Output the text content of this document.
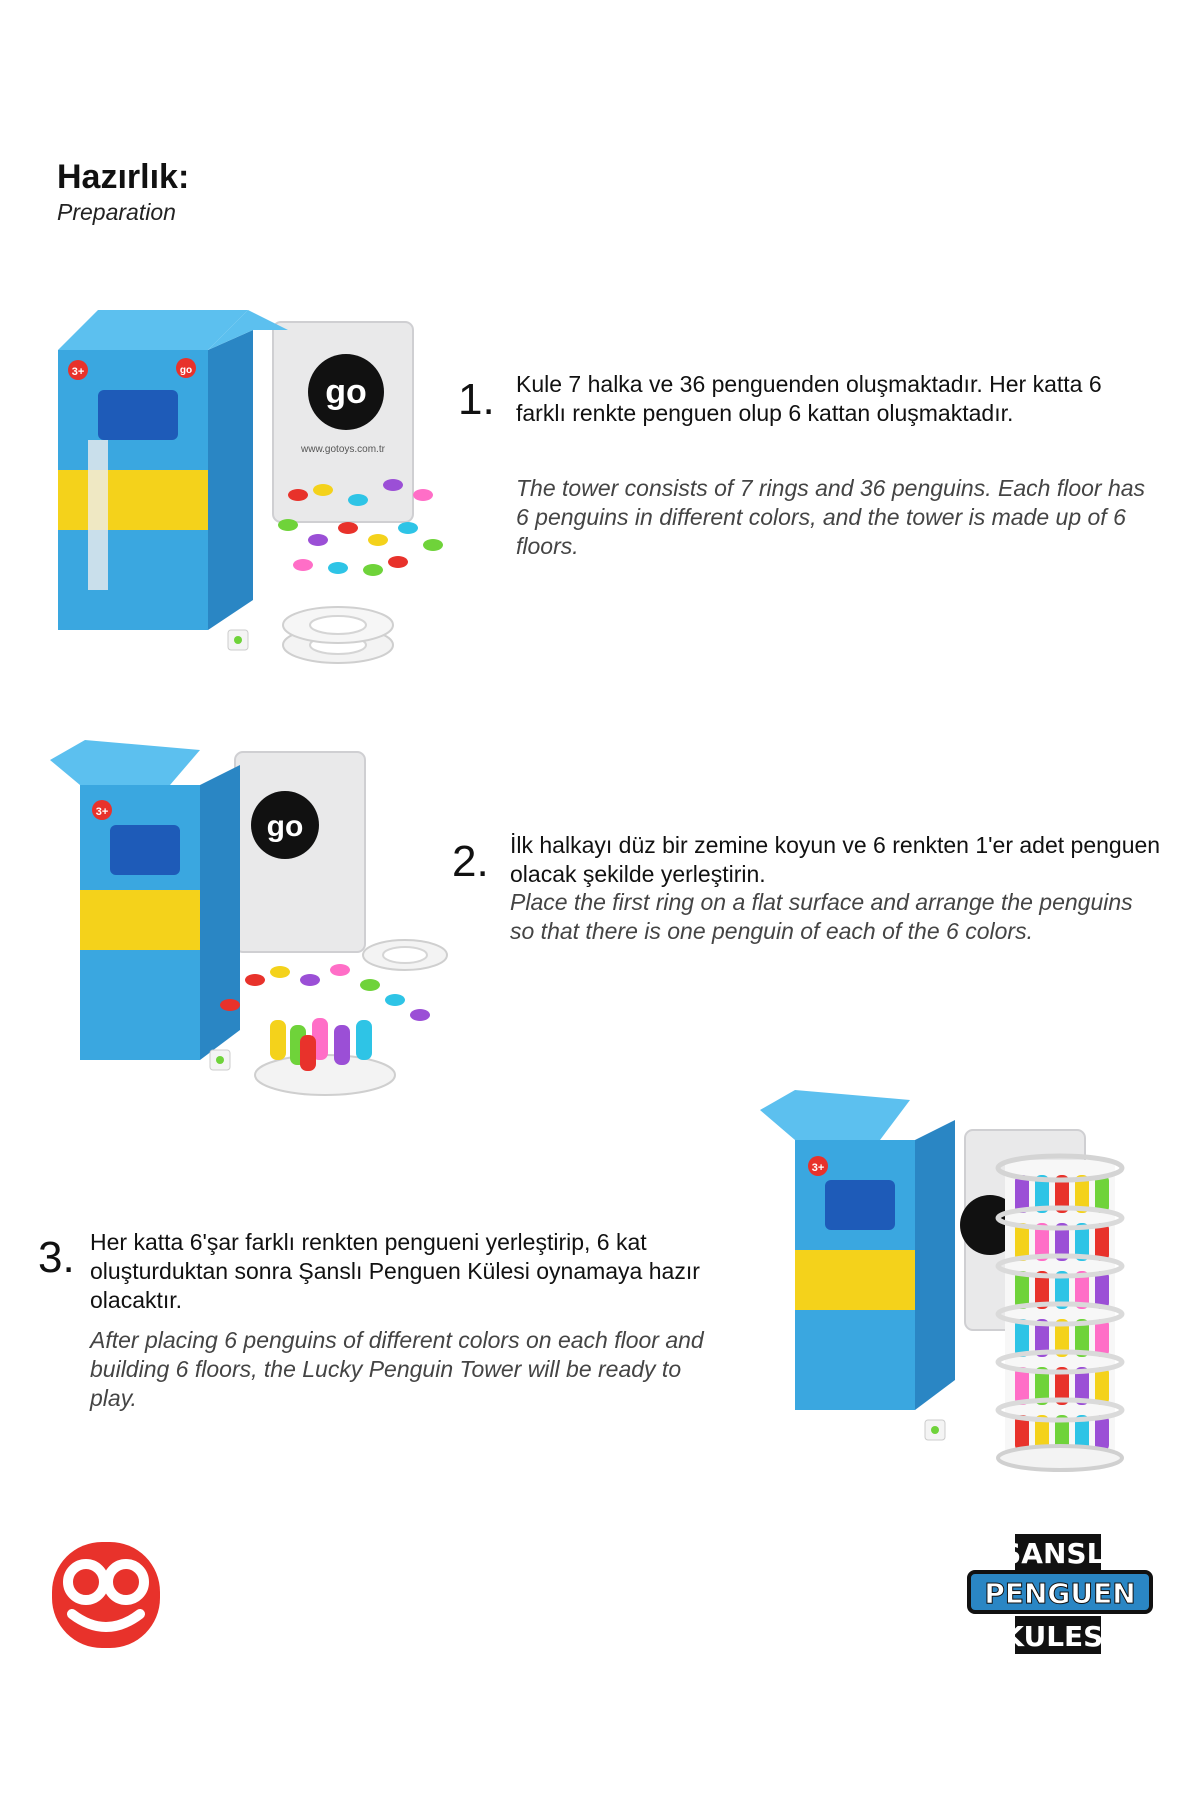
Hazırlık:
Preparation
go
www.gotoys.com.tr
3+	go
1. Kule 7 halka ve 36 penguenden oluşmaktadır. Her katta 6 farklı renkte penguen olup 6 kattan oluşmaktadır.
The tower consists of 7 rings and 36 penguins. Each floor has 6 penguins in different colors, and the tower is made up of 6 floors.
go
3+
2. İlk halkayı düz bir zemine koyun ve 6 renkten 1'er adet penguen olacak şekilde yerleştirin.
Place the first ring on a flat surface and arrange the penguins so that there is one penguin of each of the 6 colors.
3. Her katta 6'şar farklı renkten pengueni yerleştirip, 6 kat oluşturduktan sonra Şanslı Penguen Külesi oynamaya hazır olacaktır.
After placing 6 penguins of different colors on each floor and building 6 floors, the Lucky Penguin Tower will be ready to play.
3+
ŞANSLI
PENGUEN
KULESİ
